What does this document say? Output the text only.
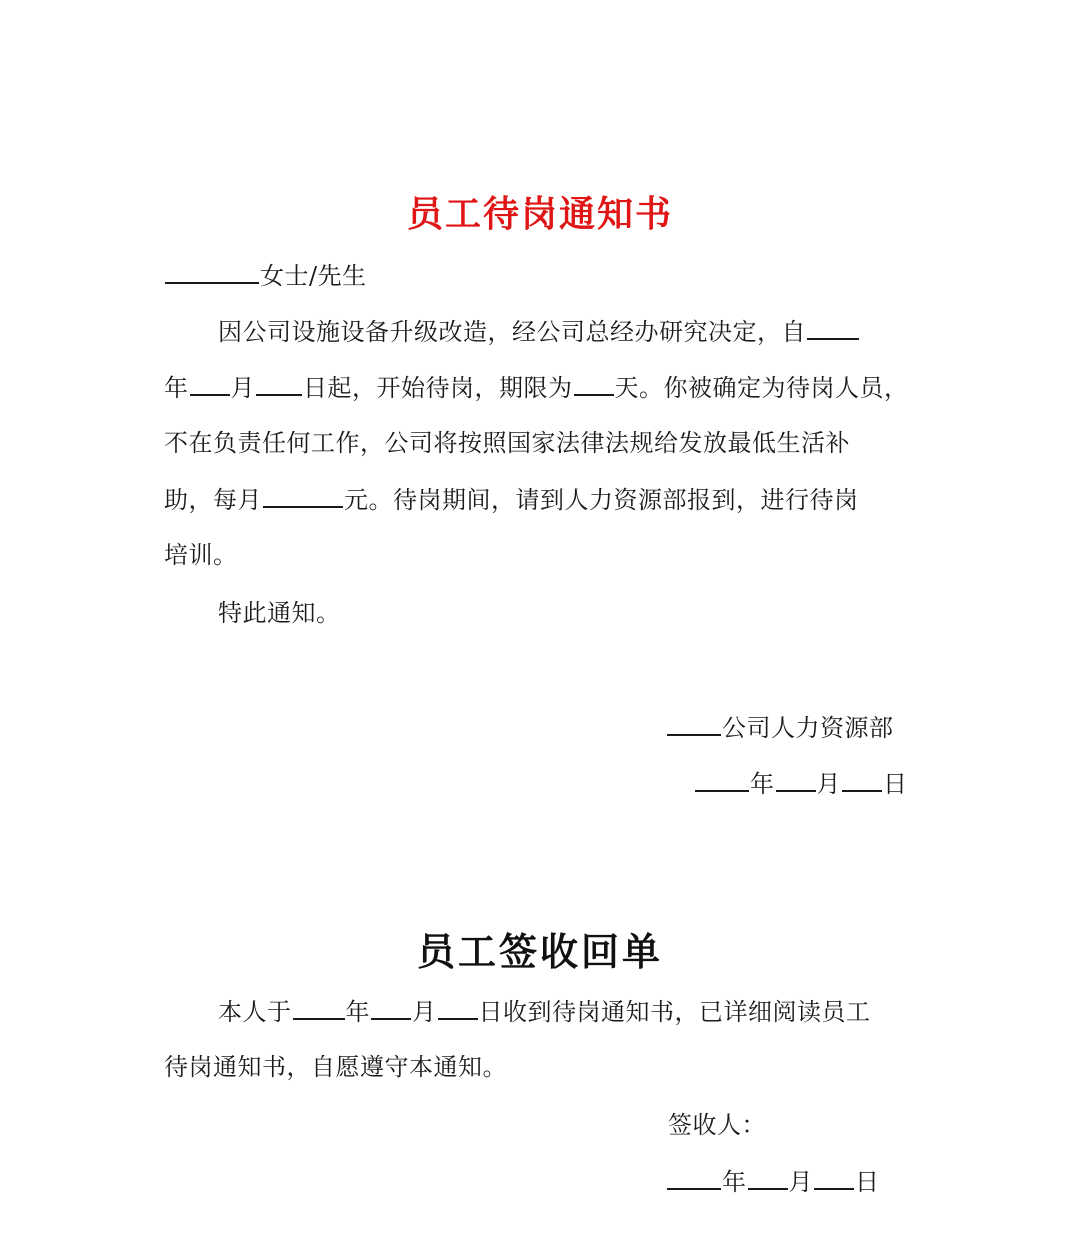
员工待岗通知书
女士/先生
因公司设施设备升级改造，经公司总经办研究决定，自
年 月 日起，开始待岗，期限为 天。你被确定为待岗人员，
不在负责任何工作，公司将按照国家法律法规给发放最低生活补
助，每月	元。待岗期间，请到人力资源部报到，进行待岗
培训。
特此通知。
公司人力资源部
年 月 日
员工签收回单
本人于 年 月 日收到待岗通知书，已详细阅读员工
待岗通知书，自愿遵守本通知。
签收人：
年 月 日
